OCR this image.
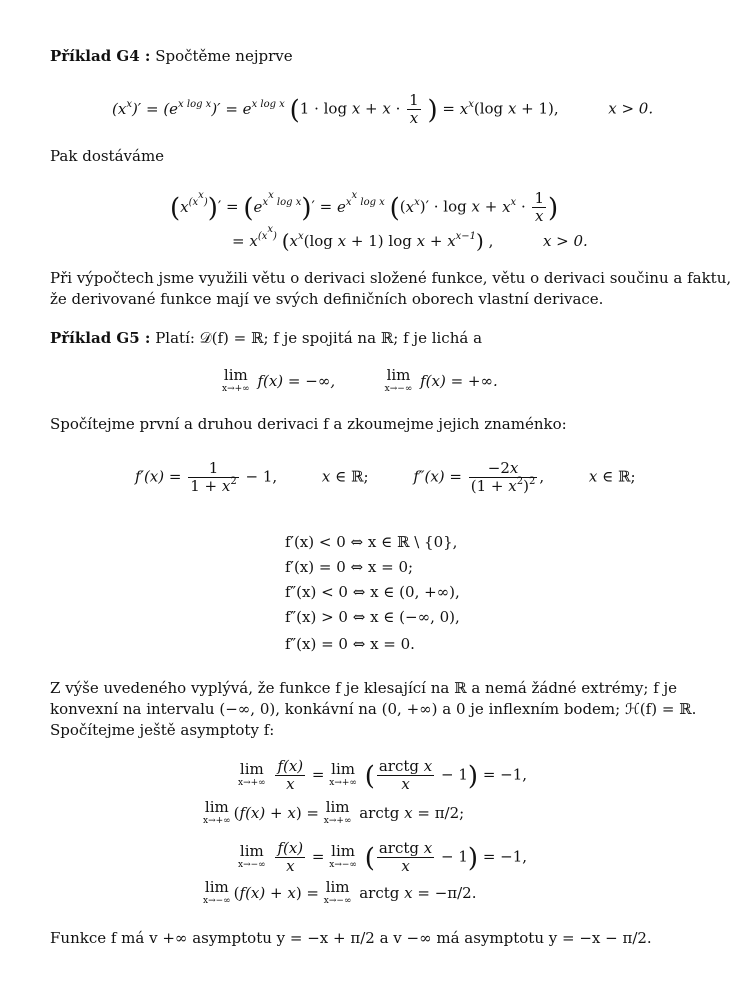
Příklad G4 : Spočtěme nejprve
$(x^x)' = (e^{x log x})' = e^{x log x}$ ($1 \cdot \log x + x \cdot \frac{1}{x}$ ) = $x^x(\log$ x + 1),	x > 0.
Pak dostáváme
$(x^{(x^x)})' = (e^{x^x log x})' = e^{x^x log x}$ ($(x^x)' \cdot \log x + x^x \cdot \frac{1}{x}$ )
= $x^{(x^x)}$ ($x^x(\log$ x + 1) $\log x + x^{x-1}$) ,	x > 0.
Při výpočtech jsme využili větu o derivaci složené funkce, větu o derivaci součinu a faktu,
že derivované funkce mají ve svých definičních oborech vlastní derivace.
Příklad G5 : Platí: 𝒟(f) = ℝ; f je spojitá na ℝ; f je lichá a
lim
x→+∞ f(x) = −∞,	lim
x→−∞ f(x) = +∞.
Spočítejme první a druhou derivaci f a zkoumejme jejich znaménko:
$f'(x) = \frac{1}{1 + x^2} - 1$,	x ∈ ℝ;	$f''(x) = \frac{-2x}{(1 + x^2)^2}$ ,	x ∈ ℝ;
f′(x) < 0 ⇔ x ∈ ℝ \ {0},
f′(x) = 0 ⇔ x = 0;
f″(x) < 0 ⇔ x ∈ (0, +∞),
f″(x) > 0 ⇔ x ∈ (−∞, 0),
f″(x) = 0 ⇔ x = 0.
Z výše uvedeného vyplývá, že funkce f je klesající na ℝ a nemá žádné extrémy; f je
konvexní na intervalu (−∞, 0), konkávní na (0, +∞) a 0 je inflexním bodem; ℋ(f) = ℝ.
Spočítejme ještě asymptoty f:
lim
x→+∞
$\frac{f(x)}{x} = \lim$
x→+∞ ( $\frac{\text{arctg x}}{x} - 1) = -1$,
lim
x→+∞ (f(x) + x) = lim
x→+∞ arctg x = π/2;
lim
x→−∞
$\frac{f(x)}{x} = \lim$
x→−∞ ( $\frac{\text{arctg x}}{x} - 1) = -1$,
lim
x→−∞ (f(x) + x) = lim
x→−∞ arctg x = −π/2.
Funkce f má v +∞ asymptotu y = −x + π/2 a v −∞ má asymptotu y = −x − π/2.
